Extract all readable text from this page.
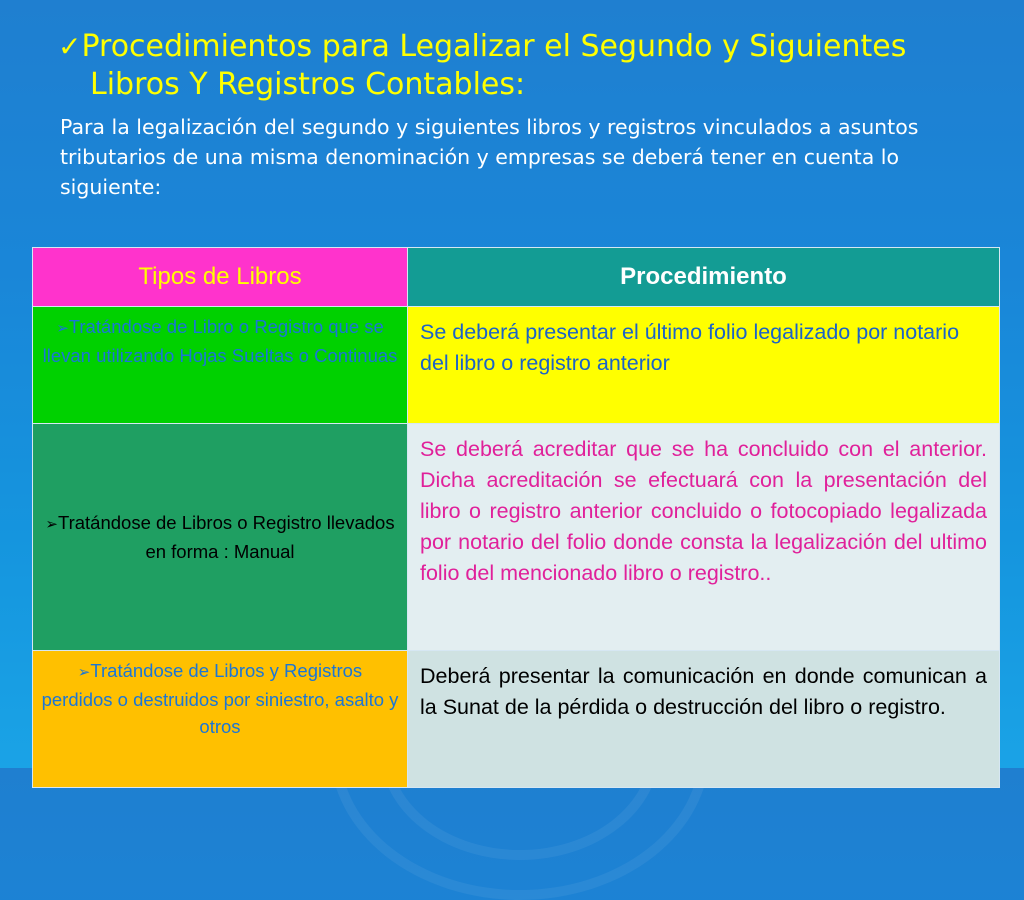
✓Procedimientos para Legalizar el Segundo y Siguientes
Libros Y Registros Contables:
Para la legalización del segundo y siguientes libros y registros vinculados a asuntos tributarios de una misma denominación y empresas se deberá tener en cuenta lo siguiente:
Tipos de Libros	Procedimiento
➢Tratándose de Libro o Registro que se llevan utilizando Hojas Sueltas o Continuas	Se deberá presentar el último folio legalizado por notario del libro o registro anterior
➢Tratándose de Libros o Registro llevados en forma : Manual	Se deberá acreditar que se ha concluido con el anterior. Dicha acreditación se efectuará con la presentación del libro o registro anterior concluido o fotocopiado legalizada por notario del folio donde consta la legalización del ultimo folio del mencionado libro o registro..
➢Tratándose de Libros y Registros perdidos o destruidos por siniestro, asalto y otros	Deberá presentar la comunicación en donde comunican a la Sunat de la pérdida o destrucción del libro o registro.
